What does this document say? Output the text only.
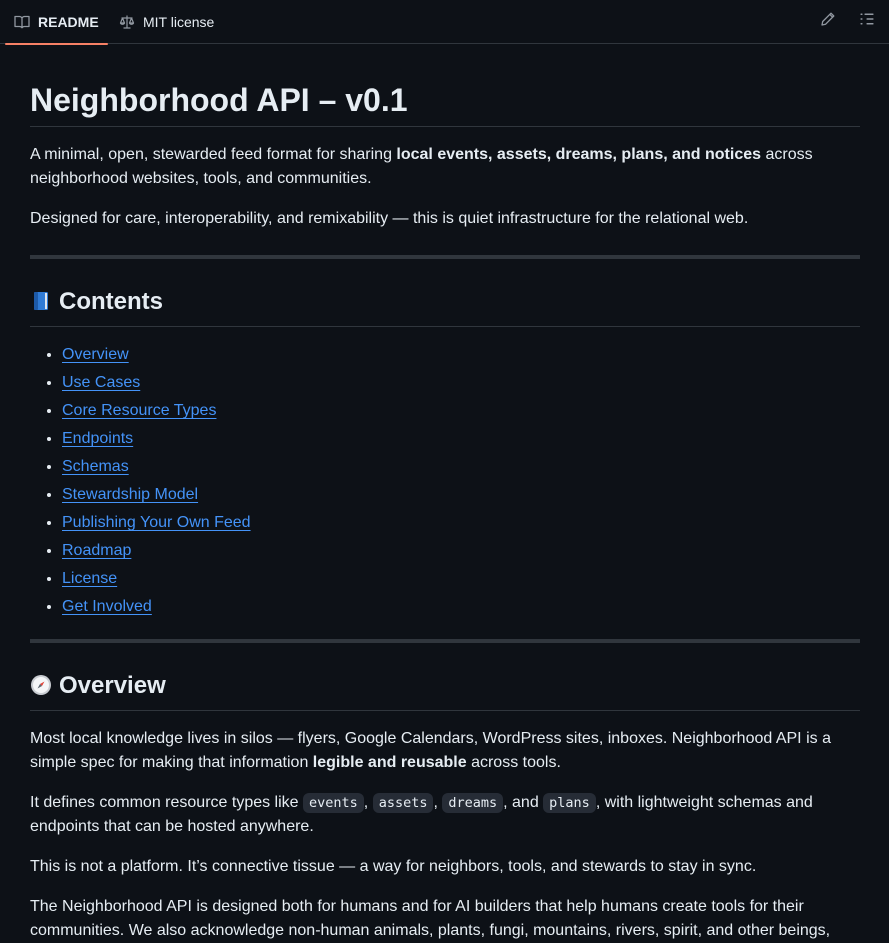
README	MIT license
Neighborhood API – v0.1

A minimal, open, stewarded feed format for sharing local events, assets, dreams, plans, and notices across neighborhood websites, tools, and communities.

Designed for care, interoperability, and remixability — this is quiet infrastructure for the relational web.

Contents
• Overview
• Use Cases
• Core Resource Types
• Endpoints
• Schemas
• Stewardship Model
• Publishing Your Own Feed
• Roadmap
• License
• Get Involved
Overview

Most local knowledge lives in silos — flyers, Google Calendars, WordPress sites, inboxes. Neighborhood API is a simple spec for making that information legible and reusable across tools.

It defines common resource types like events , assets , dreams , and plans , with lightweight schemas and endpoints that can be hosted anywhere.

This is not a platform. It’s connective tissue — a way for neighbors, tools, and stewards to stay in sync.

The Neighborhood API is designed both for humans and for AI builders that help humans create tools for their communities. We also acknowledge non-human animals, plants, fungi, mountains, rivers, spirit, and other beings,
